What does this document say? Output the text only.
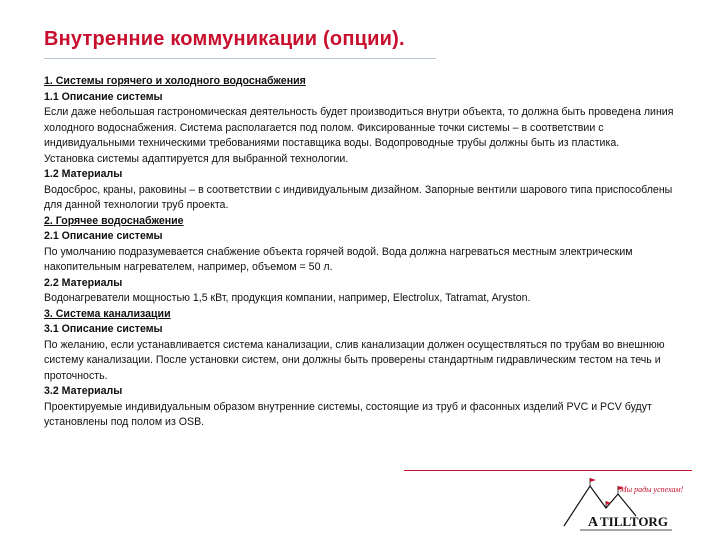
Внутренние коммуникации (опции).

1. Системы горячего и холодного водоснабжения

1.1 Описание системы

Если даже небольшая гастрономическая деятельность будет производиться внутри объекта, то должна быть проведена линия холодного водоснабжения. Система располагается под полом. Фиксированные точки системы – в соответствии с индивидуальными техническими требованиями поставщика воды. Водопроводные трубы должны быть из пластика.

Установка системы адаптируется для выбранной технологии.

1.2 Материалы

Водосброс, краны, раковины – в соответствии с индивидуальным дизайном. Запорные вентили шарового типа приспособлены для данной технологии труб проекта.

2. Горячее водоснабжение

2.1 Описание системы

По умолчанию подразумевается снабжение объекта горячей водой. Вода должна нагреваться местным электрическим накопительным нагревателем, например, объемом = 50 л.

2.2 Материалы

Водонагреватели мощностью 1,5 кВт, продукция компании, например, Electrolux, Tatramat, Aryston.

3. Система канализации

3.1 Описание системы

По желанию, если устанавливается система канализации, слив канализации должен осуществляться по трубам во внешнюю систему канализации. После установки систем, они должны быть проверены стандартным гидравлическим тестом на течь и проточность.

3.2 Материалы

Проектируемые индивидуальным образом внутренние системы, состоящие из труб и фасонных изделий PVC и PCV будут установлены под полом из OSB.

Мы рады успехам!
A TILLTORG
